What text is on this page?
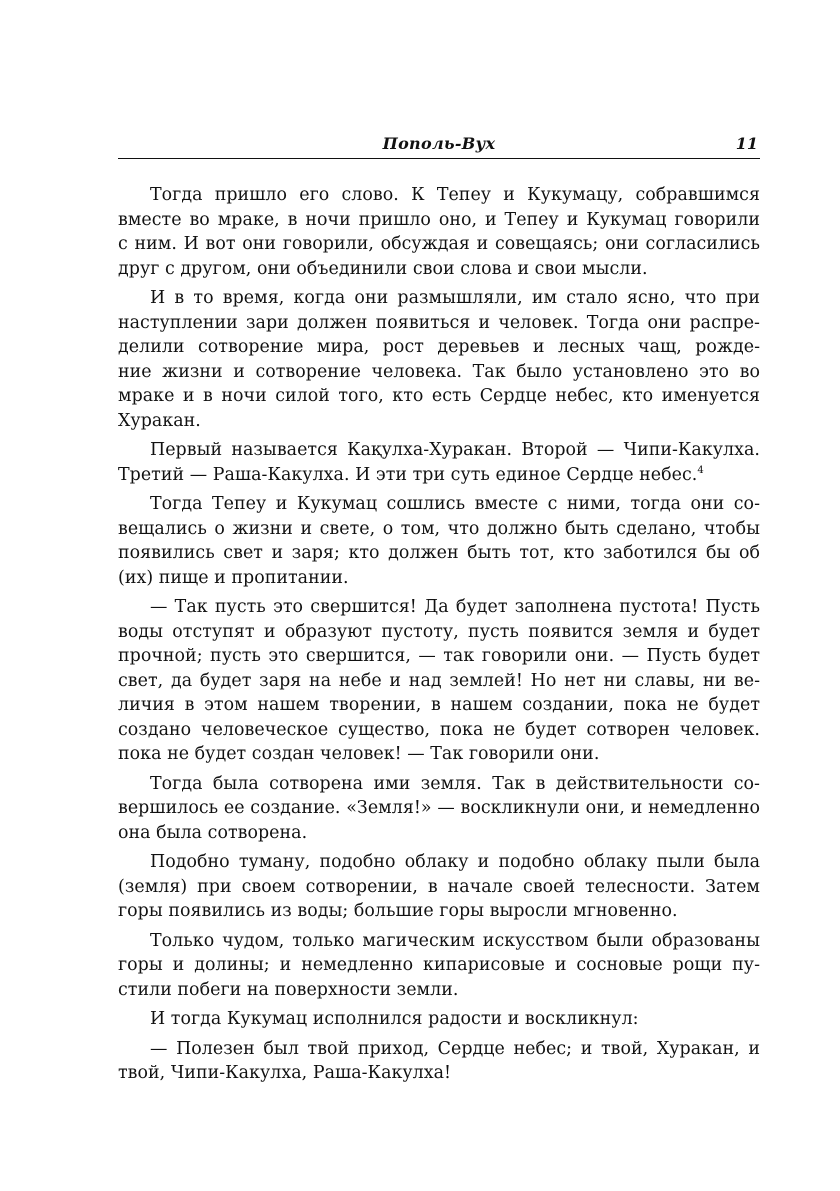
Пополь-Вух	11
Тогда пришло его слово. К Тепеу и Кукумацу, собравшимся
вместе во мраке, в ночи пришло оно, и Тепеу и Кукумац говорили
с ним. И вот они говорили, обсуждая и совещаясь; они согласились
друг с другом, они объединили свои слова и свои мысли.
И в то время, когда они размышляли, им стало ясно, что при
наступлении зари должен появиться и человек. Тогда они распре-
делили сотворение мира, рост деревьев и лесных чащ, рожде-
ние жизни и сотворение человека. Так было установлено это во
мраке и в ночи силой того, кто есть Сердце небес, кто именуется
Хуракан.
Первый называется Кақулха-Хуракан. Второй — Чипи-Какулха.
Третий — Раша-Какулха. И эти три суть единое Сердце небес.$^4$
Тогда Тепеу и Кукумац сошлись вместе с ними, тогда они со-
вещались о жизни и свете, о том, что должно быть сделано, чтобы
появились свет и заря; кто должен быть тот, кто заботился бы об
(их) пище и пропитании.
— Так пусть это свершится! Да будет заполнена пустота! Пусть
воды отступят и образуют пустоту, пусть появится земля и будет
прочной; пусть это свершится, — так говорили они. — Пусть будет
свет, да будет заря на небе и над землей! Но нет ни славы, ни ве-
личия в этом нашем творении, в нашем создании, пока не будет
создано человеческое существо, пока не будет сотворен человек.
пока не будет создан человек! — Так говорили они.
Тогда была сотворена ими земля. Так в действительности со-
вершилось ее создание. «Земля!» — воскликнули они, и немедленно
она была сотворена.
Подобно туману, подобно облаку и подобно облаку пыли была
(земля) при своем сотворении, в начале своей телесности. Затем
горы появились из воды; большие горы выросли мгновенно.
Только чудом, только магическим искусством были образованы
горы и долины; и немедленно кипарисовые и сосновые рощи пу-
стили побеги на поверхности земли.
И тогда Кукумац исполнился радости и воскликнул:
— Полезен был твой приход, Сердце небес; и твой, Хуракан, и
твой, Чипи-Какулха, Раша-Какулха!
